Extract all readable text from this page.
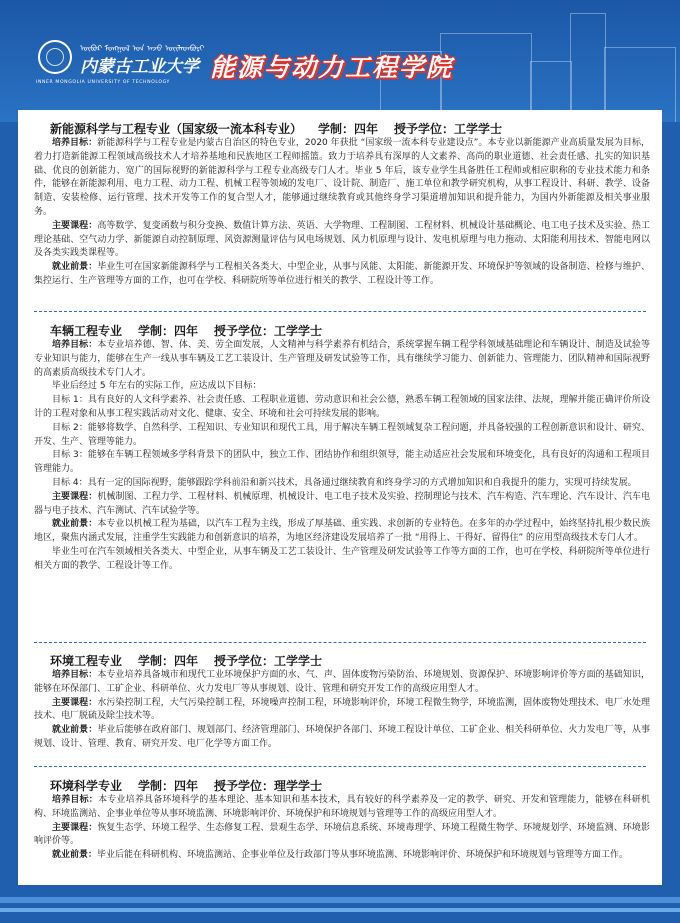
ᠥᠪᠥᠷ ᠮᠣᠩᠭᠣᠯ ᠤᠨ ᠠᠵᠤ ᠦᠢᠯᠡᠳᠪᠦᠷᠢ
内蒙古工业大学
INNER MONGOLIA UNIVERSITY OF TECHNOLOGY
能源与动力工程学院
新能源科学与工程专业（国家级一流本科专业） 学制：四年 授予学位：工学学士

培养目标：新能源科学与工程专业是内蒙古自治区的特色专业，2020 年获批 “国家级一流本科专业建设点”。本专业以新能源产业高质量发展为目标，着力打造新能源工程领域高级技术人才培养基地和民族地区工程师摇篮。致力于培养具有深厚的人文素养、高尚的职业道德、社会责任感、扎实的知识基础、优良的创新能力、宽广的国际视野的新能源科学与工程专业高级专门人才。毕业 5 年后，该专业学生具备胜任工程师或相应职称的专业技术能力和条件，能够在新能源利用、电力工程、动力工程、机械工程等领域的发电厂、设计院、制造厂、施工单位和教学研究机构，从事工程设计、科研、教学、设备制造、安装检修、运行管理、技术开发等工作的复合型人才，能够通过继续教育或其他终身学习渠道增加知识和提升能力，为国内外新能源及相关事业服务。

主要课程：高等数学、复变函数与积分变换、数值计算方法、英语、大学物理、工程制图、工程材料、机械设计基础概论、电工电子技术及实验、热工理论基础、空气动力学、新能源自动控制原理、风资源测量评估与风电场规划、风力机原理与设计、发电机原理与电力拖动、太阳能利用技术、智能电网以及各类实践类课程等。

就业前景：毕业生可在国家新能源科学与工程相关各类大、中型企业，从事与风能、太阳能、新能源开发、环境保护等领域的设备制造、检修与维护、集控运行、生产管理等方面的工作，也可在学校、科研院所等单位进行相关的教学、工程设计等工作。

车辆工程专业 学制：四年 授予学位：工学学士

培养目标：本专业培养德、智、体、美、劳全面发展，人文精神与科学素养有机结合，系统掌握车辆工程学科领域基础理论和车辆设计、制造及试验等专业知识与能力，能够在生产一线从事车辆及工艺工装设计、生产管理及研发试验等工作，具有继续学习能力、创新能力、管理能力、团队精神和国际视野的高素质高级技术专门人才。

毕业后经过 5 年左右的实际工作，应达成以下目标：

目标 1：具有良好的人文科学素养、社会责任感、工程职业道德、劳动意识和社会公德，熟悉车辆工程领域的国家法律、法规，理解并能正确评价所设计的工程对象和从事工程实践活动对文化、健康、安全、环境和社会可持续发展的影响。

目标 2：能够将数学、自然科学、工程知识、专业知识和现代工具，用于解决车辆工程领域复杂工程问题，并具备较强的工程创新意识和设计、研究、开发、生产、管理等能力。

目标 3：能够在车辆工程领域多学科背景下的团队中，独立工作、团结协作和组织领导，能主动适应社会发展和环境变化，具有良好的沟通和工程项目管理能力。

目标 4：具有一定的国际视野，能够跟踪学科前沿和新兴技术，具备通过继续教育和终身学习的方式增加知识和自我提升的能力，实现可持续发展。

主要课程：机械制图、工程力学、工程材料、机械原理、机械设计、电工电子技术及实验、控制理论与技术、汽车构造、汽车理论、汽车设计、汽车电器与电子技术、汽车测试、汽车试验学等。

就业前景：本专业以机械工程为基础，以汽车工程为主线，形成了厚基础、重实践、求创新的专业特色。在多年的办学过程中，始终坚持扎根少数民族地区，聚焦内涵式发展，注重学生实践能力和创新意识的培养，为地区经济建设发展培养了一批 “用得上、干得好、留得住” 的应用型高级技术专门人才。

毕业生可在汽车领域相关各类大、中型企业，从事车辆及工艺工装设计、生产管理及研发试验等工作等方面的工作，也可在学校、科研院所等单位进行相关方面的教学、工程设计等工作。

环境工程专业 学制：四年 授予学位：工学学士

培养目标：本专业培养具备城市和现代工业环境保护方面的水、气、声、固体废物污染防治、环境规划、资源保护、环境影响评价等方面的基础知识，能够在环保部门、工矿企业、科研单位、火力发电厂等从事规划、设计、管理和研究开发工作的高级应用型人才。

主要课程：水污染控制工程，大气污染控制工程，环境噪声控制工程，环境影响评价，环境工程微生物学，环境监测，固体废物处理技术、电厂水处理技术、电厂脱硫及除尘技术等。

就业前景：毕业后能够在政府部门、规划部门、经济管理部门、环境保护各部门、环境工程设计单位、工矿企业、相关科研单位、火力发电厂等，从事规划、设计、管理、教育、研究开发、电厂化学等方面工作。

环境科学专业 学制：四年 授予学位：理学学士

培养目标：本专业培养具备环境科学的基本理论、基本知识和基本技术，具有较好的科学素养及一定的教学、研究、开发和管理能力，能够在科研机构、环境监测站、企事业单位等从事环境监测、环境影响评价、环境保护和环境规划与管理等工作的高级应用型人才。

主要课程：恢复生态学、环境工程学、生态修复工程、景观生态学、环境信息系统、环境毒理学、环境工程微生物学、环境规划学、环境监测、环境影响评价等。

就业前景：毕业后能在科研机构、环境监测站、企事业单位及行政部门等从事环境监测、环境影响评价、环境保护和环境规划与管理等方面工作。
